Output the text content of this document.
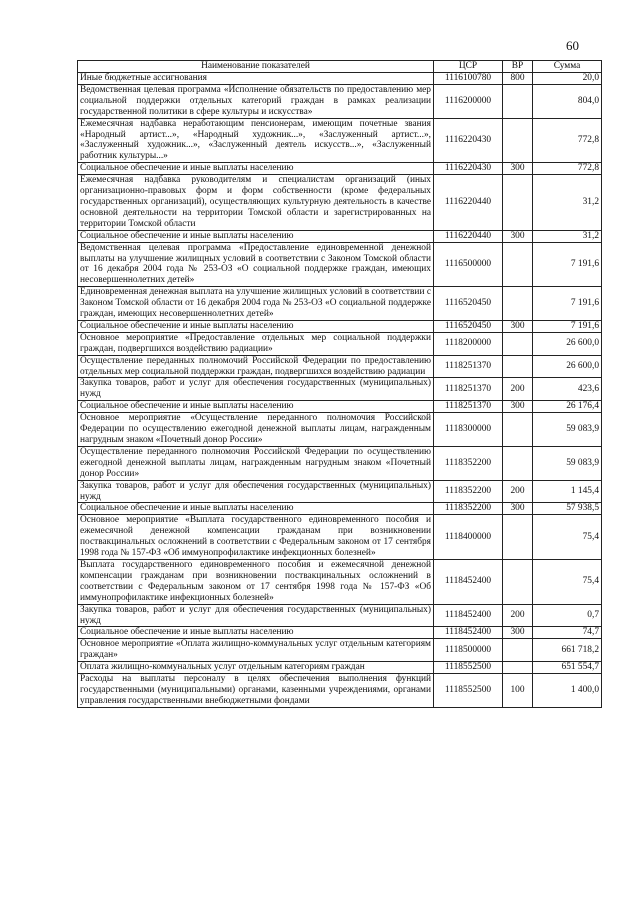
60
Наименование показателей	ЦСР	ВР	Сумма
Иные бюджетные ассигнования	1116100780	800	20,0
Ведомственная целевая программа «Исполнение обязательств по предоставлению мер социальной поддержки отдельных категорий граждан в рамках реализации государственной политики в сфере культуры и искусства»	1116200000		804,0
Ежемесячная надбавка неработающим пенсионерам, имеющим почетные звания «Народный артист...», «Народный художник...», «Заслуженный артист...», «Заслуженный художник...», «Заслуженный деятель искусств...», «Заслуженный работник культуры...»	1116220430		772,8
Социальное обеспечение и иные выплаты населению	1116220430	300	772,8
Ежемесячная надбавка руководителям и специалистам организаций (иных организационно-правовых форм и форм собственности (кроме федеральных государственных организаций), осуществляющих культурную деятельность в качестве основной деятельности на территории Томской области и зарегистрированных на территории Томской области	1116220440		31,2
Социальное обеспечение и иные выплаты населению	1116220440	300	31,2
Ведомственная целевая программа «Предоставление единовременной денежной выплаты на улучшение жилищных условий в соответствии с Законом Томской области от 16 декабря 2004 года № 253-ОЗ «О социальной поддержке граждан, имеющих несовершеннолетних детей»	1116500000		7 191,6
Единовременная денежная выплата на улучшение жилищных условий в соответствии с Законом Томской области от 16 декабря 2004 года № 253-ОЗ «О социальной поддержке граждан, имеющих несовершеннолетних детей»	1116520450		7 191,6
Социальное обеспечение и иные выплаты населению	1116520450	300	7 191,6
Основное мероприятие «Предоставление отдельных мер социальной поддержки граждан, подвергшихся воздействию радиации»	1118200000		26 600,0
Осуществление переданных полномочий Российской Федерации по предоставлению отдельных мер социальной поддержки граждан, подвергшихся воздействию радиации	1118251370		26 600,0
Закупка товаров, работ и услуг для обеспечения государственных (муниципальных) нужд	1118251370	200	423,6
Социальное обеспечение и иные выплаты населению	1118251370	300	26 176,4
Основное мероприятие «Осуществление переданного полномочия Российской Федерации по осуществлению ежегодной денежной выплаты лицам, награжденным нагрудным знаком «Почетный донор России»	1118300000		59 083,9
Осуществление переданного полномочия Российской Федерации по осуществлению ежегодной денежной выплаты лицам, награжденным нагрудным знаком «Почетный донор России»	1118352200		59 083,9
Закупка товаров, работ и услуг для обеспечения государственных (муниципальных) нужд	1118352200	200	1 145,4
Социальное обеспечение и иные выплаты населению	1118352200	300	57 938,5
Основное мероприятие «Выплата государственного единовременного пособия и ежемесячной денежной компенсации гражданам при возникновении поствакцинальных осложнений в соответствии с Федеральным законом от 17 сентября 1998 года № 157-ФЗ «Об иммунопрофилактике инфекционных болезней»	1118400000		75,4
Выплата государственного единовременного пособия и ежемесячной денежной компенсации гражданам при возникновении поствакцинальных осложнений в соответствии с Федеральным законом от 17 сентября 1998 года № 157-ФЗ «Об иммунопрофилактике инфекционных болезней»	1118452400		75,4
Закупка товаров, работ и услуг для обеспечения государственных (муниципальных) нужд	1118452400	200	0,7
Социальное обеспечение и иные выплаты населению	1118452400	300	74,7
Основное мероприятие «Оплата жилищно-коммунальных услуг отдельным категориям граждан»	1118500000		661 718,2
Оплата жилищно-коммунальных услуг отдельным категориям граждан	1118552500		651 554,7
Расходы на выплаты персоналу в целях обеспечения выполнения функций государственными (муниципальными) органами, казенными учреждениями, органами управления государственными внебюджетными фондами	1118552500	100	1 400,0
